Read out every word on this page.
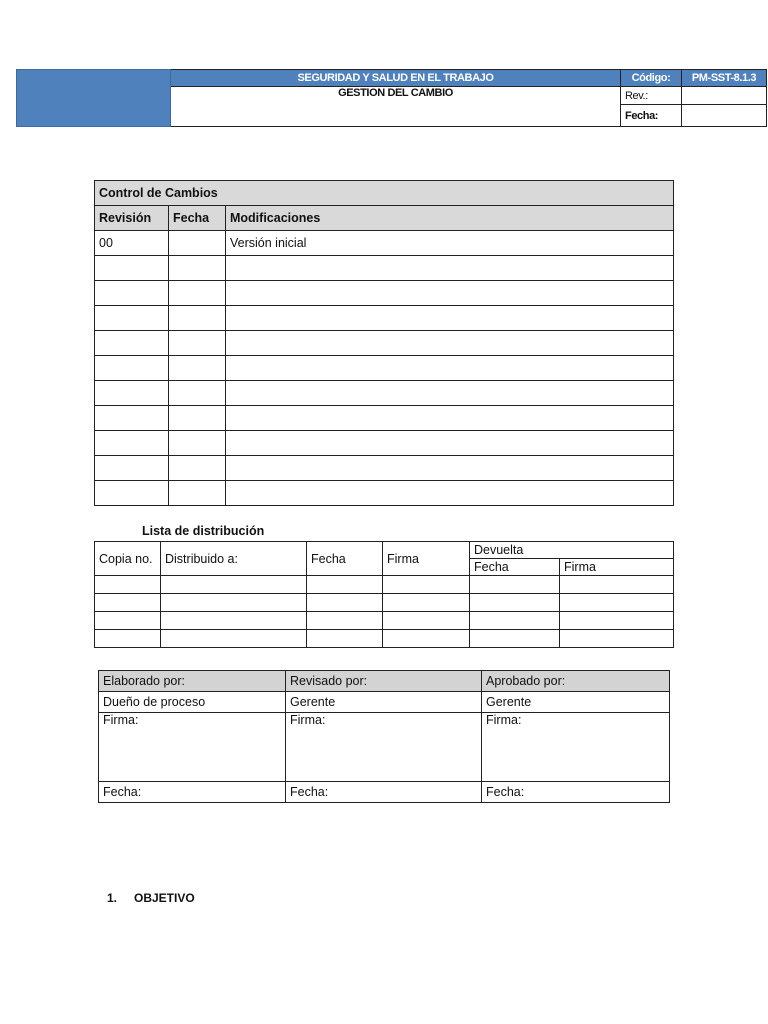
	SEGURIDAD Y SALUD EN EL TRABAJO	Código:	PM-SST-8.1.3
	GESTION DEL CAMBIO	Rev.:	
		Fecha:	
Control de Cambios		
Revisión	Fecha	Modificaciones
00		Versión inicial

Lista de distribución
Copia no.	Distribuido a:	Fecha	Firma	Devuelta	
				Fecha	Firma

Elaborado por:	Revisado por:	Aprobado por:
Dueño de proceso	Gerente	Gerente
Firma:	Firma:	Firma:
Fecha:	Fecha:	Fecha:
1. OBJETIVO
